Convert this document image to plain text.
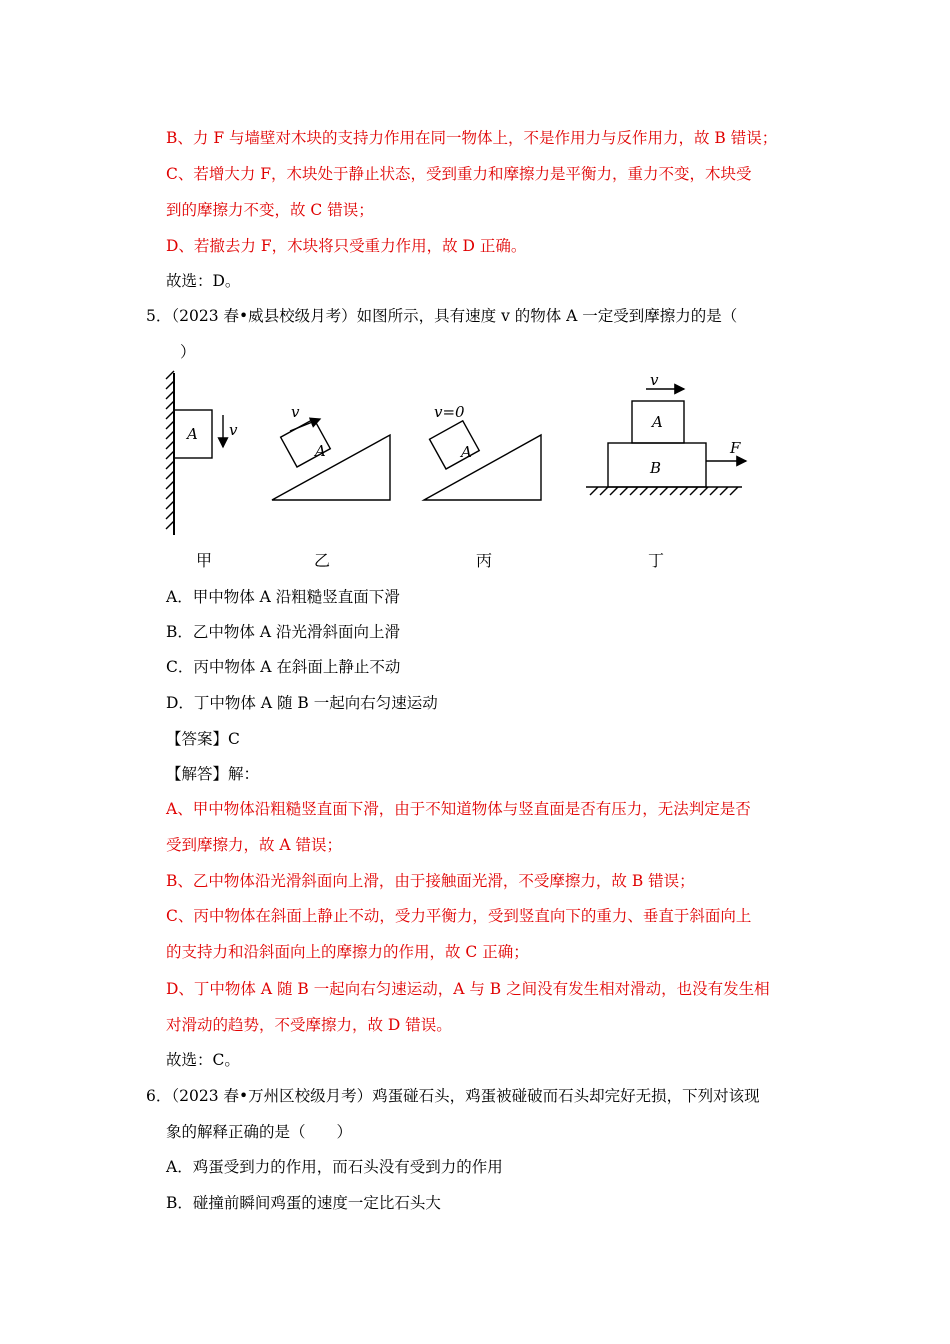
B、力 F 与墙壁对木块的支持力作用在同一物体上，不是作用力与反作用力，故 B 错误；
C、若增大力 F，木块处于静止状态，受到重力和摩擦力是平衡力，重力不变，木块受
到的摩擦力不变，故 C 错误；
D、若撤去力 F，木块将只受重力作用，故 D 正确。
故选：D。
5．（2023 春•威县校级月考）如图所示，具有速度 v 的物体 A 一定受到摩擦力的是（
）
A v
A
v
A
v=0
A
B
v
F
甲	乙	丙	丁
A．甲中物体 A 沿粗糙竖直面下滑
B．乙中物体 A 沿光滑斜面向上滑
C．丙中物体 A 在斜面上静止不动
D．丁中物体 A 随 B 一起向右匀速运动
【答案】C
【解答】解：
A、甲中物体沿粗糙竖直面下滑，由于不知道物体与竖直面是否有压力，无法判定是否
受到摩擦力，故 A 错误；
B、乙中物体沿光滑斜面向上滑，由于接触面光滑，不受摩擦力，故 B 错误；
C、丙中物体在斜面上静止不动，受力平衡力，受到竖直向下的重力、垂直于斜面向上
的支持力和沿斜面向上的摩擦力的作用，故 C 正确；
D、丁中物体 A 随 B 一起向右匀速运动，A 与 B 之间没有发生相对滑动，也没有发生相
对滑动的趋势，不受摩擦力，故 D 错误。
故选：C。
6．（2023 春•万州区校级月考）鸡蛋碰石头，鸡蛋被碰破而石头却完好无损，下列对该现
象的解释正确的是（　　）
A．鸡蛋受到力的作用，而石头没有受到力的作用
B．碰撞前瞬间鸡蛋的速度一定比石头大
